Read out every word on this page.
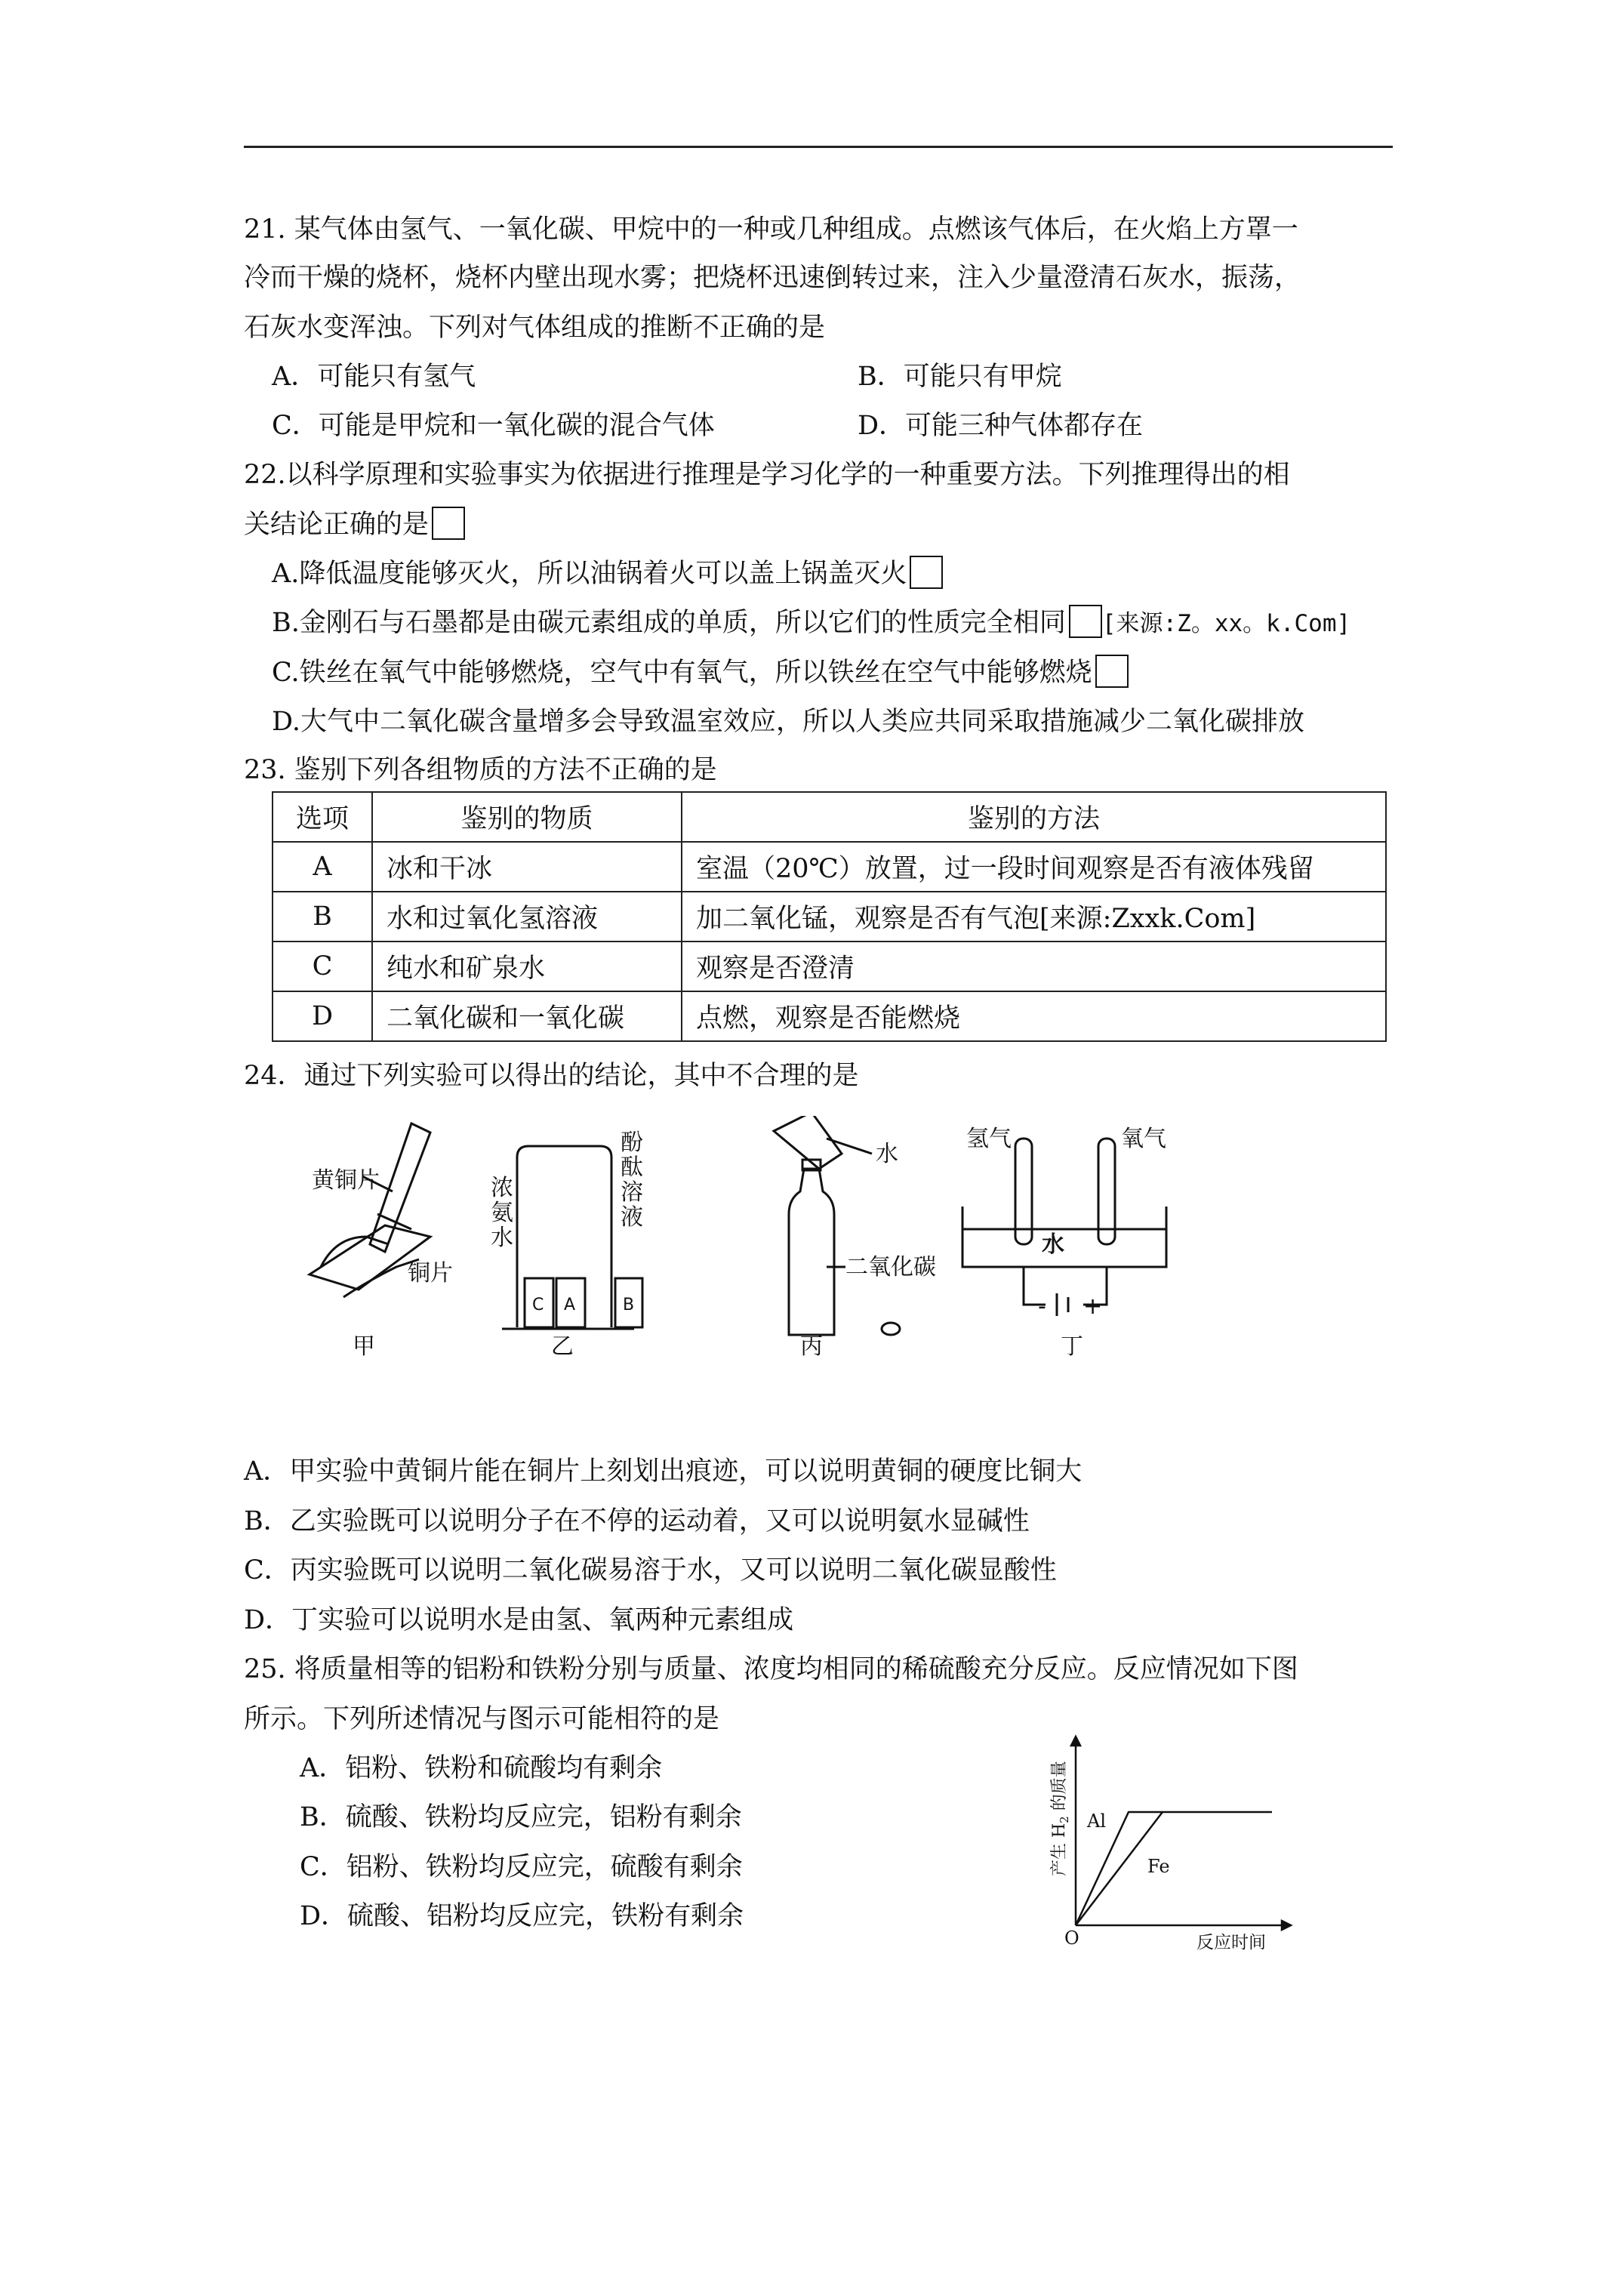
21. 某气体由氢气、一氧化碳、甲烷中的一种或几种组成。点燃该气体后，在火焰上方罩一
冷而干燥的烧杯，烧杯内壁出现水雾；把烧杯迅速倒转过来，注入少量澄清石灰水，振荡，
石灰水变浑浊。下列对气体组成的推断不正确的是
A．可能只有氢气	B．可能只有甲烷
C．可能是甲烷和一氧化碳的混合气体	D．可能三种气体都存在
22.以科学原理和实验事实为依据进行推理是学习化学的一种重要方法。下列推理得出的相
关结论正确的是
A.降低温度能够灭火，所以油锅着火可以盖上锅盖灭火
B.金刚石与石墨都是由碳元素组成的单质，所以它们的性质完全相同 [来源:Z。xx。k.Com]
C.铁丝在氧气中能够燃烧，空气中有氧气，所以铁丝在空气中能够燃烧
D.大气中二氧化碳含量增多会导致温室效应，所以人类应共同采取措施减少二氧化碳排放
23. 鉴别下列各组物质的方法不正确的是
选项	鉴别的物质	鉴别的方法
A	冰和干冰	室温（20℃）放置，过一段时间观察是否有液体残留
B	水和过氧化氢溶液	加二氧化锰，观察是否有气泡[来源:Zxxk.Com]
C	纯水和矿泉水	观察是否澄清
D	二氧化碳和一氧化碳	点燃，观察是否能燃烧
24．通过下列实验可以得出的结论，其中不合理的是
黄铜片
铜片
甲
C A	B
浓
氨
水
酚
酞
溶
液
乙
水
二氧化碳
丙
水
氢气	氧气
- +
丁
A．甲实验中黄铜片能在铜片上刻划出痕迹，可以说明黄铜的硬度比铜大
B．乙实验既可以说明分子在不停的运动着，又可以说明氨水显碱性
C．丙实验既可以说明二氧化碳易溶于水，又可以说明二氧化碳显酸性
D．丁实验可以说明水是由氢、氧两种元素组成
25. 将质量相等的铝粉和铁粉分别与质量、浓度均相同的稀硫酸充分反应。反应情况如下图
所示。下列所述情况与图示可能相符的是
A．铝粉、铁粉和硫酸均有剩余
B．硫酸、铁粉均反应完，铝粉有剩余
C．铝粉、铁粉均反应完，硫酸有剩余
D．硫酸、铝粉均反应完，铁粉有剩余
Al
Fe
O	反应时间
产生 $H_2$ 的质量
